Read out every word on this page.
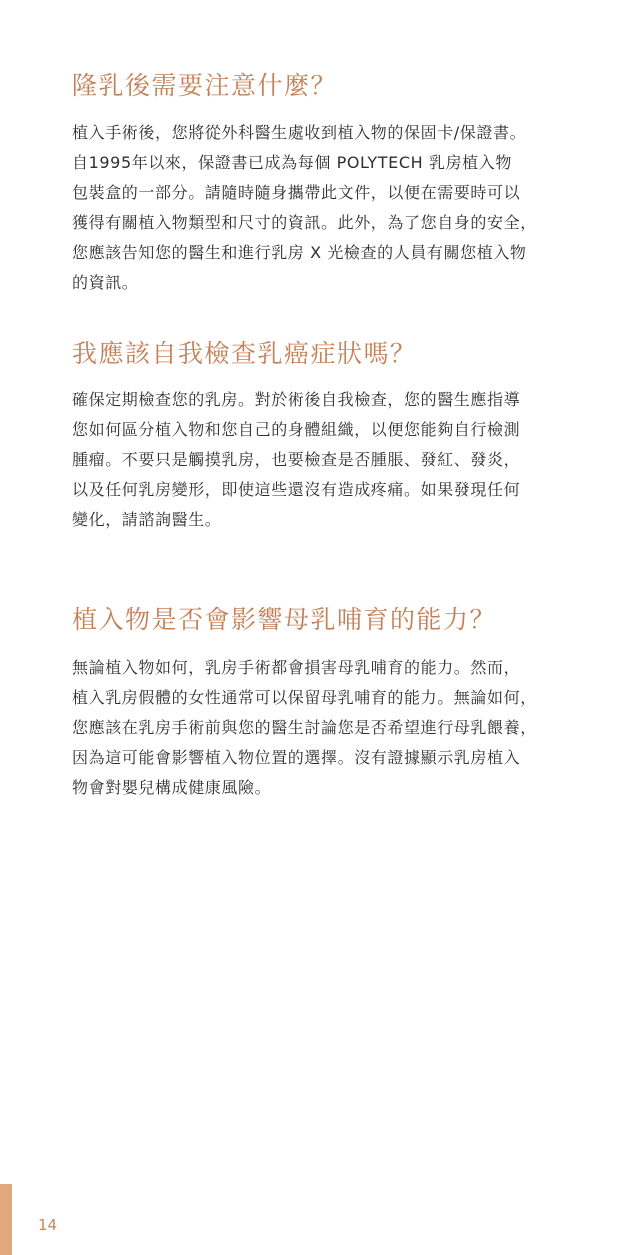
隆乳後需要注意什麼？

植入手術後，您將從外科醫生處收到植入物的保固卡/保證書。
自1995年以來，保證書已成為每個 POLYTECH 乳房植入物
包裝盒的一部分。請隨時隨身攜帶此文件，以便在需要時可以
獲得有關植入物類型和尺寸的資訊。此外，為了您自身的安全，
您應該告知您的醫生和進行乳房 X 光檢查的人員有關您植入物
的資訊。

我應該自我檢查乳癌症狀嗎？

確保定期檢查您的乳房。對於術後自我檢查，您的醫生應指導
您如何區分植入物和您自己的身體組織，以便您能夠自行檢測
腫瘤。不要只是觸摸乳房，也要檢查是否腫脹、發紅、發炎，
以及任何乳房變形，即使這些還沒有造成疼痛。如果發現任何
變化，請諮詢醫生。

植入物是否會影響母乳哺育的能力？

無論植入物如何，乳房手術都會損害母乳哺育的能力。然而，
植入乳房假體的女性通常可以保留母乳哺育的能力。無論如何，
您應該在乳房手術前與您的醫生討論您是否希望進行母乳餵養，
因為這可能會影響植入物位置的選擇。沒有證據顯示乳房植入
物會對嬰兒構成健康風險。

14
